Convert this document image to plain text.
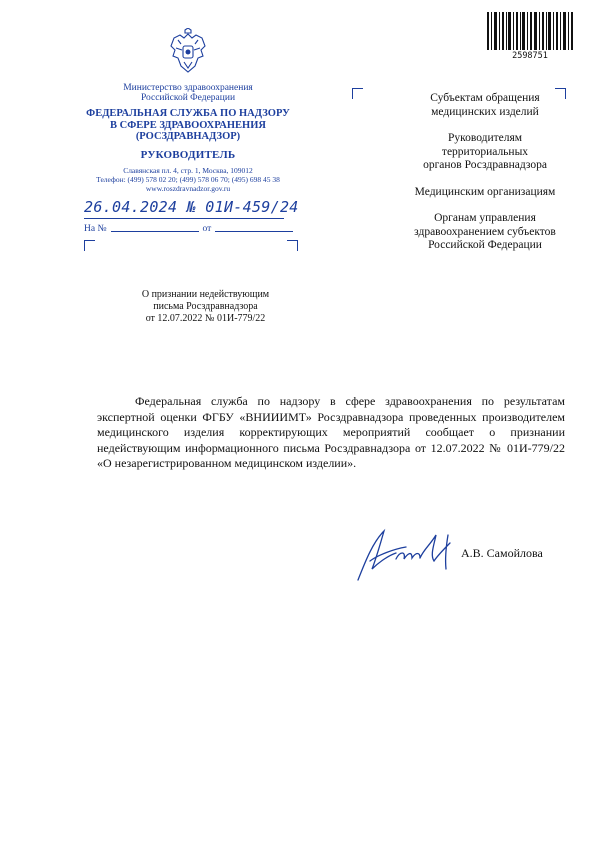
Министерство здравоохранения
Российской Федерации
ФЕДЕРАЛЬНАЯ СЛУЖБА ПО НАДЗОРУ
В СФЕРЕ ЗДРАВООХРАНЕНИЯ
(РОСЗДРАВНАДЗОР)
РУКОВОДИТЕЛЬ
Славянская пл. 4, стр. 1, Москва, 109012
Телефон: (499) 578 02 20; (499) 578 06 70; (495) 698 45 38
www.roszdravnadzor.gov.ru
26.04.2024 № 01И-459/24
На №	от
О признании недействующим
письма Росздравнадзора
от 12.07.2022 № 01И-779/22
2598751
Субъектам обращения
медицинских изделий
Руководителям
территориальных
органов Росздравнадзора
Медицинским организациям
Органам управления
здравоохранением субъектов
Российской Федерации
Федеральная служба по надзору в сфере здравоохранения по результатам экспертной оценки ФГБУ «ВНИИИМТ» Росздравнадзора проведенных производителем медицинского изделия корректирующих мероприятий сообщает о признании недействующим информационного письма Росздравнадзора от 12.07.2022 № 01И-779/22 «О незарегистрированном медицинском изделии».
А.В. Самойлова
